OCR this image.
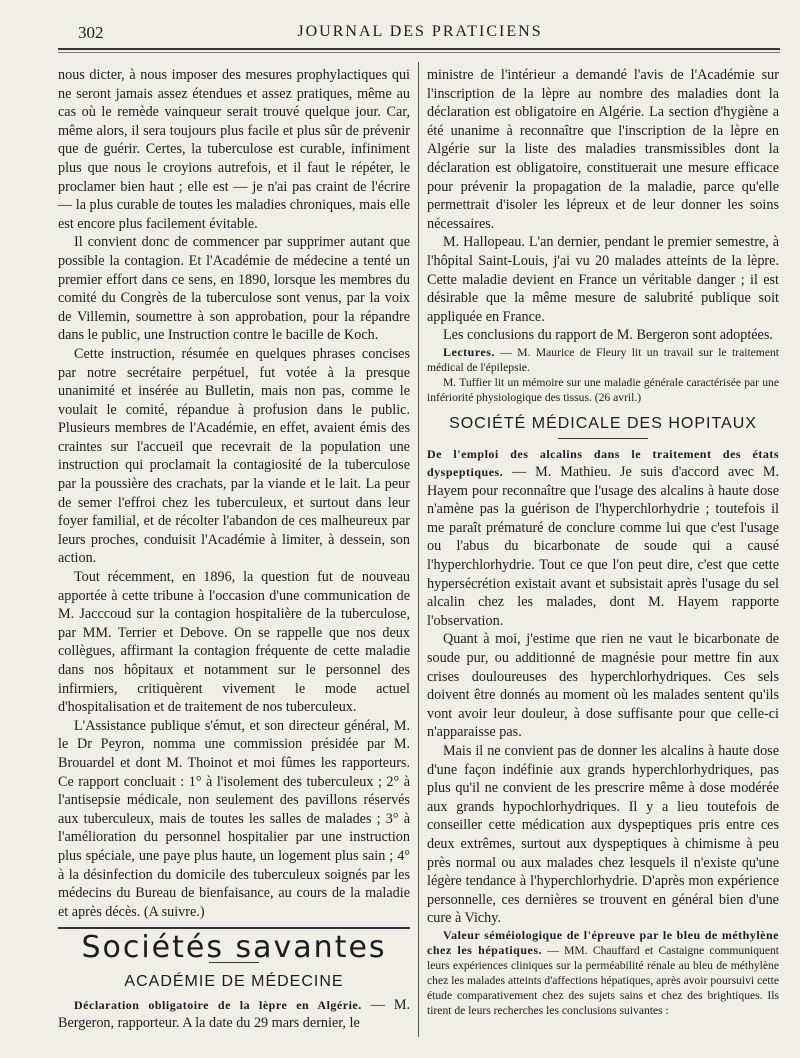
302	JOURNAL DES PRATICIENS

nous dicter, à nous imposer des mesures prophylactiques qui ne seront jamais assez étendues et assez pratiques, même au cas où le remède vainqueur serait trouvé quelque jour. Car, même alors, il sera toujours plus facile et plus sûr de prévenir que de guérir. Certes, la tuberculose est curable, infiniment plus que nous le croyions autrefois, et il faut le répéter, le proclamer bien haut ; elle est — je n'ai pas craint de l'écrire — la plus curable de toutes les maladies chroniques, mais elle est encore plus facilement évitable.

Il convient donc de commencer par supprimer autant que possible la contagion. Et l'Académie de médecine a tenté un premier effort dans ce sens, en 1890, lorsque les membres du comité du Congrès de la tuberculose sont venus, par la voix de Villemin, soumettre à son approbation, pour la répandre dans le public, une Instruction contre le bacille de Koch.

Cette instruction, résumée en quelques phrases concises par notre secrétaire perpétuel, fut votée à la presque unanimité et insérée au Bulletin, mais non pas, comme le voulait le comité, répandue à profusion dans le public. Plusieurs membres de l'Académie, en effet, avaient émis des craintes sur l'accueil que recevrait de la population une instruction qui proclamait la contagiosité de la tuberculose par la poussière des crachats, par la viande et le lait. La peur de semer l'effroi chez les tuberculeux, et surtout dans leur foyer familial, et de récolter l'abandon de ces malheureux par leurs proches, conduisit l'Académie à limiter, à dessein, son action.

Tout récemment, en 1896, la question fut de nouveau apportée à cette tribune à l'occasion d'une communication de M. Jacccoud sur la contagion hospitalière de la tuberculose, par MM. Terrier et Debove. On se rappelle que nos deux collègues, affirmant la contagion fréquente de cette maladie dans nos hôpitaux et notamment sur le personnel des infirmiers, critiquèrent vivement le mode actuel d'hospitalisation et de traitement de nos tuberculeux.

L'Assistance publique s'émut, et son directeur général, M. le Dr Peyron, nomma une commission présidée par M. Brouardel et dont M. Thoinot et moi fûmes les rapporteurs. Ce rapport concluait : 1° à l'isolement des tuberculeux ; 2° à l'antisepsie médicale, non seulement des pavillons réservés aux tuberculeux, mais de toutes les salles de malades ; 3° à l'amélioration du personnel hospitalier par une instruction plus spéciale, une paye plus haute, un logement plus sain ; 4° à la désinfection du domicile des tuberculeux soignés par les médecins du Bureau de bienfaisance, au cours de la maladie et après décès. (A suivre.)

Sociétés savantes
ACADÉMIE DE MÉDECINE

Déclaration obligatoire de la lèpre en Algérie. — M. Bergeron, rapporteur. A la date du 29 mars dernier, le

ministre de l'intérieur a demandé l'avis de l'Académie sur l'inscription de la lèpre au nombre des maladies dont la déclaration est obligatoire en Algérie. La section d'hygiène a été unanime à reconnaître que l'inscription de la lèpre en Algérie sur la liste des maladies transmissibles dont la déclaration est obligatoire, constituerait une mesure efficace pour prévenir la propagation de la maladie, parce qu'elle permettrait d'isoler les lépreux et de leur donner les soins nécessaires.

M. Hallopeau. L'an dernier, pendant le premier semestre, à l'hôpital Saint-Louis, j'ai vu 20 malades atteints de la lèpre. Cette maladie devient en France un véritable danger ; il est désirable que la même mesure de salubrité publique soit appliquée en France.

Les conclusions du rapport de M. Bergeron sont adoptées.

Lectures. — M. Maurice de Fleury lit un travail sur le traitement médical de l'épilepsie.

M. Tuffier lit un mémoire sur une maladie générale caractérisée par une infériorité physiologique des tissus. (26 avril.)

SOCIÉTÉ MÉDICALE DES HOPITAUX

De l'emploi des alcalins dans le traitement des états dyspeptiques. — M. Mathieu. Je suis d'accord avec M. Hayem pour reconnaître que l'usage des alcalins à haute dose n'amène pas la guérison de l'hyperchlorhydrie ; toutefois il me paraît prématuré de conclure comme lui que c'est l'usage ou l'abus du bicarbonate de soude qui a causé l'hyperchlorhydrie. Tout ce que l'on peut dire, c'est que cette hypersécrétion existait avant et subsistait après l'usage du sel alcalin chez les malades, dont M. Hayem rapporte l'observation.

Quant à moi, j'estime que rien ne vaut le bicarbonate de soude pur, ou additionné de magnésie pour mettre fin aux crises douloureuses des hyperchlorhydriques. Ces sels doivent être donnés au moment où les malades sentent qu'ils vont avoir leur douleur, à dose suffisante pour que celle-ci n'apparaisse pas.

Mais il ne convient pas de donner les alcalins à haute dose d'une façon indéfinie aux grands hyperchlorhydriques, pas plus qu'il ne convient de les prescrire même à dose modérée aux grands hypochlorhydriques. Il y a lieu toutefois de conseiller cette médication aux dyspeptiques pris entre ces deux extrêmes, surtout aux dyspeptiques à chimisme à peu près normal ou aux malades chez lesquels il n'existe qu'une légère tendance à l'hyperchlorhydrie. D'après mon expérience personnelle, ces dernières se trouvent en général bien d'une cure à Vichy.

Valeur séméiologique de l'épreuve par le bleu de méthylène chez les hépatiques. — MM. Chauffard et Castaigne communiquent leurs expériences cliniques sur la perméabilité rénale au bleu de méthylène chez les malades atteints d'affections hépatiques, après avoir poursuivi cette étude comparativement chez des sujets sains et chez des brightiques. Ils tirent de leurs recherches les conclusions suivantes :
